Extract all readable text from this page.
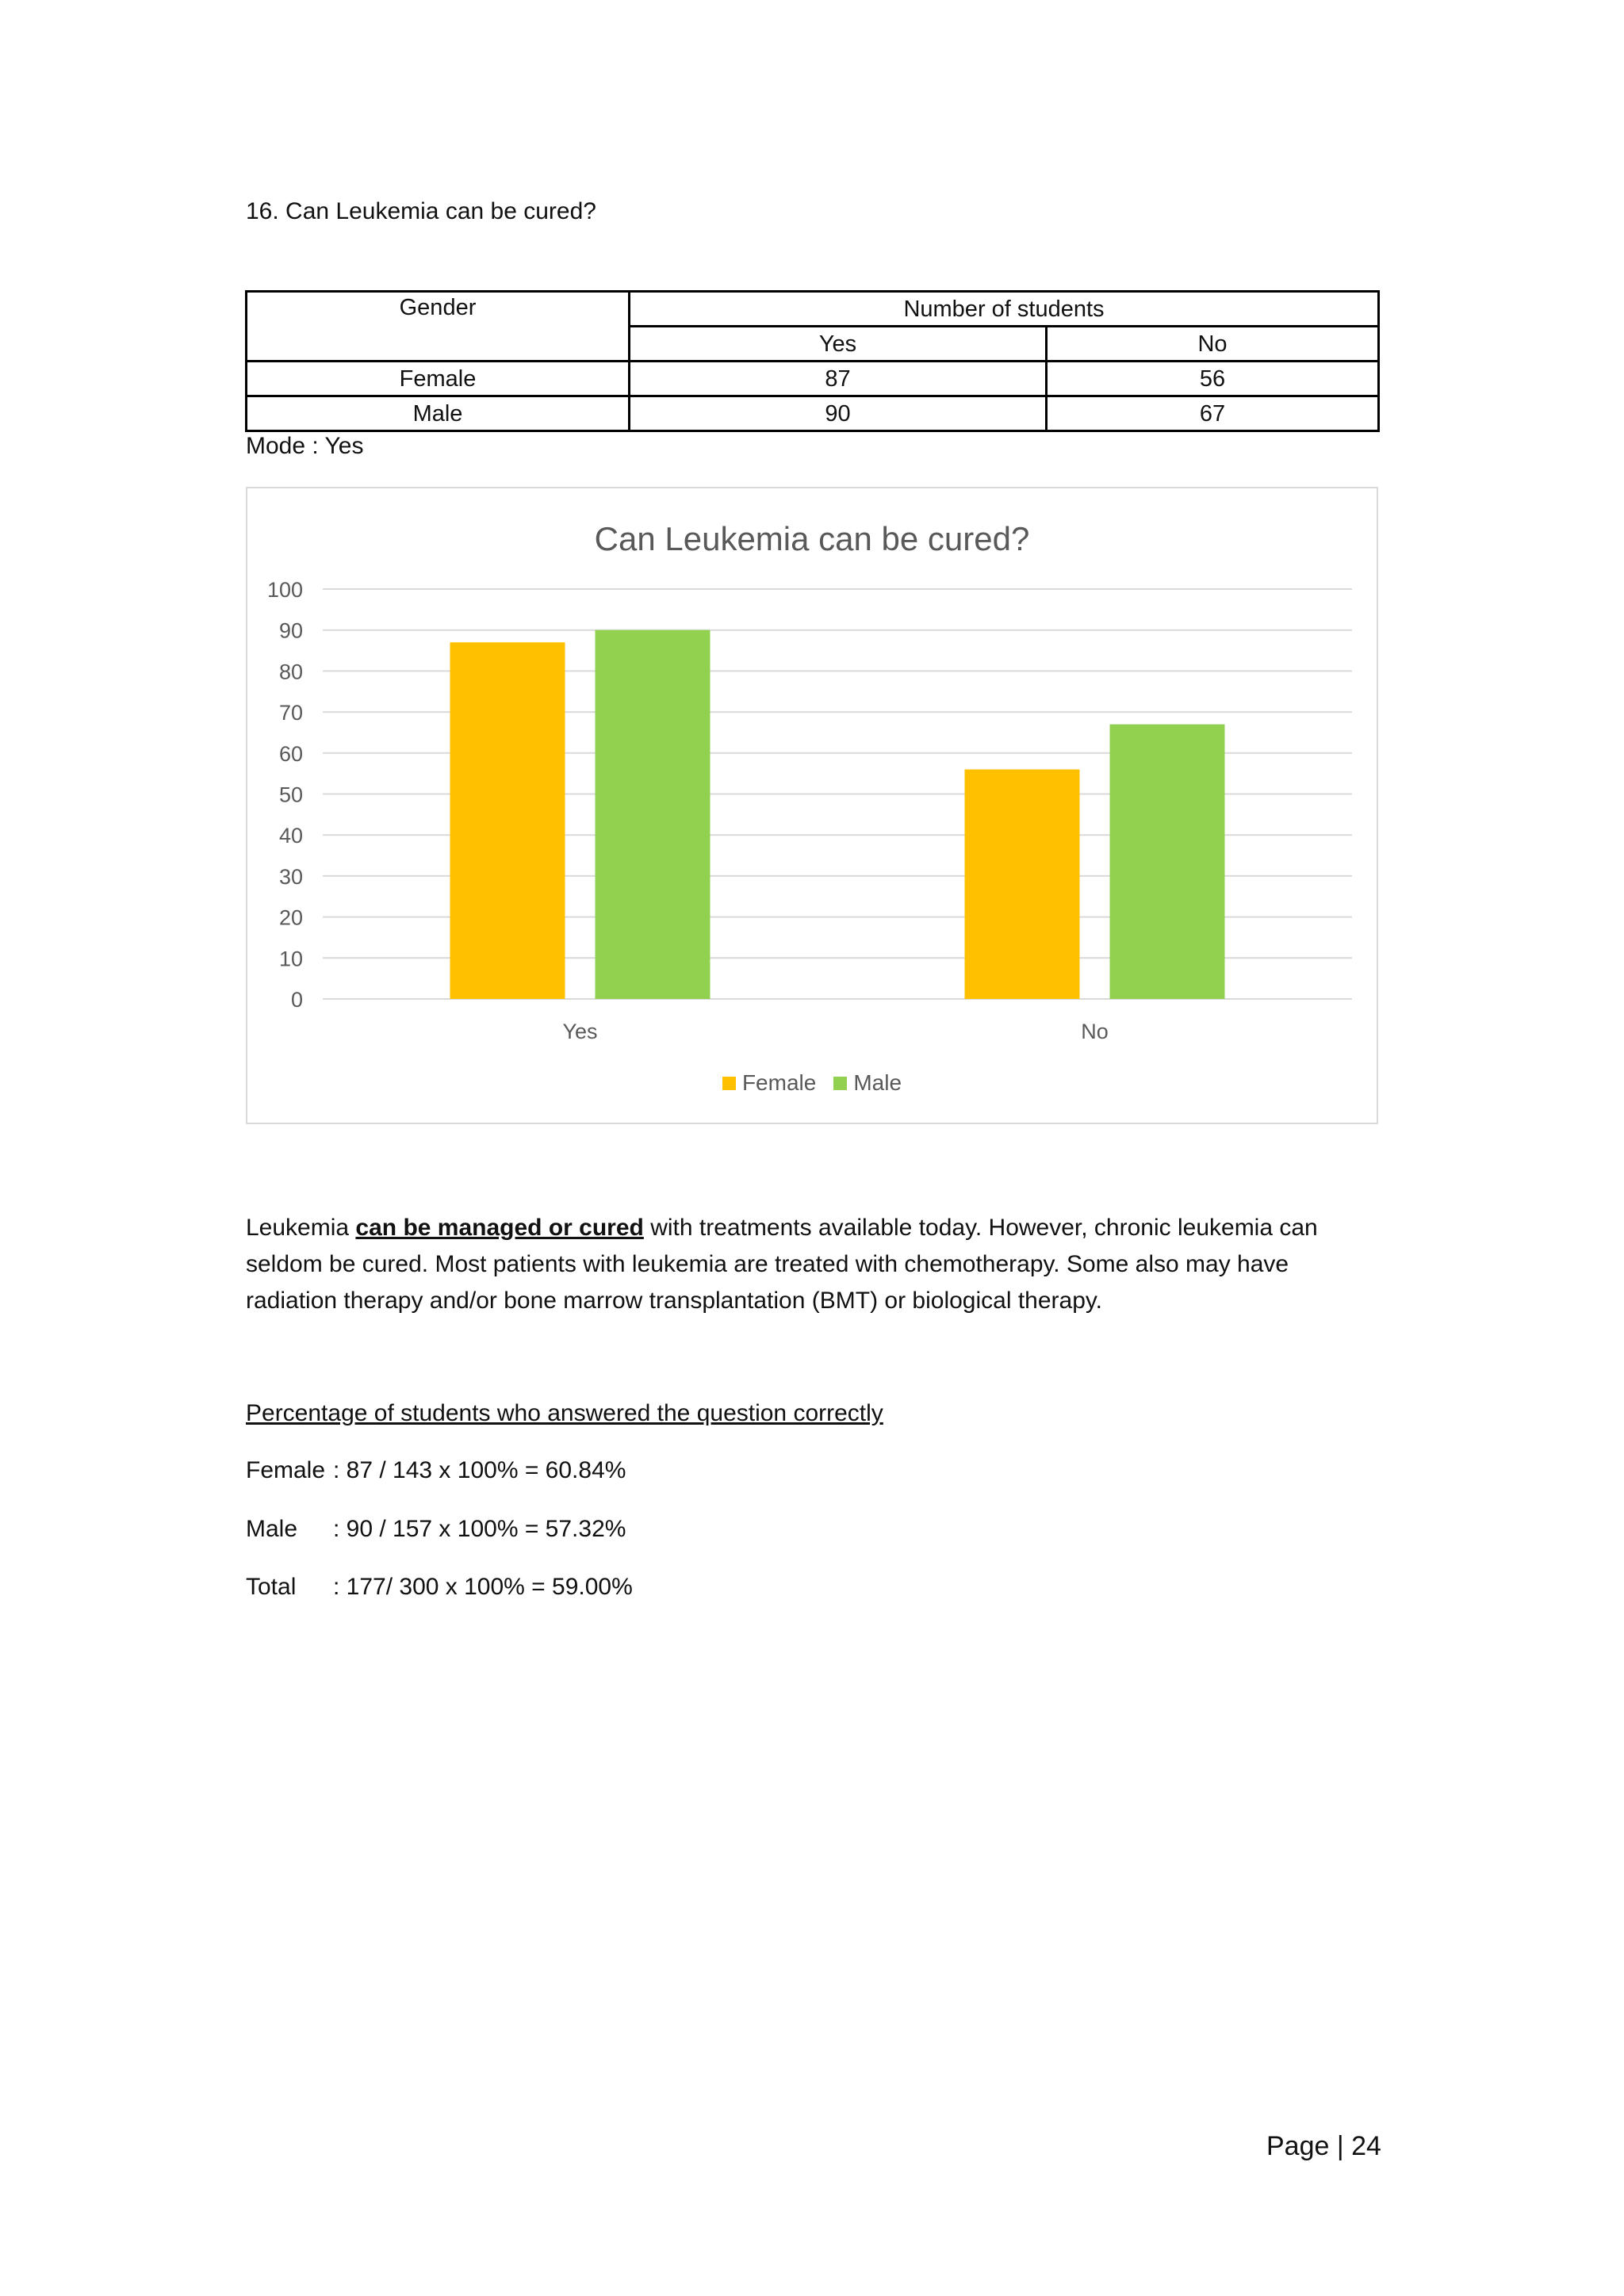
16. Can Leukemia can be cured?
Gender	Number of students	
	Yes	No
Female	87	56
Male	90	67
Mode : Yes
Can Leukemia can be cured?
0
10
20
30
40
50
60
70
80
90
100
Yes	No
Female Male
Leukemia can be managed or cured with treatments available today. However, chronic leukemia can seldom be cured. Most patients with leukemia are treated with chemotherapy. Some also may have radiation therapy and/or bone marrow transplantation (BMT) or biological therapy.
Percentage of students who answered the question correctly
Female : 87 / 143 x 100% = 60.84%
Male : 90 / 157 x 100% = 57.32%
Total : 177/ 300 x 100% = 59.00%
Page | 24
